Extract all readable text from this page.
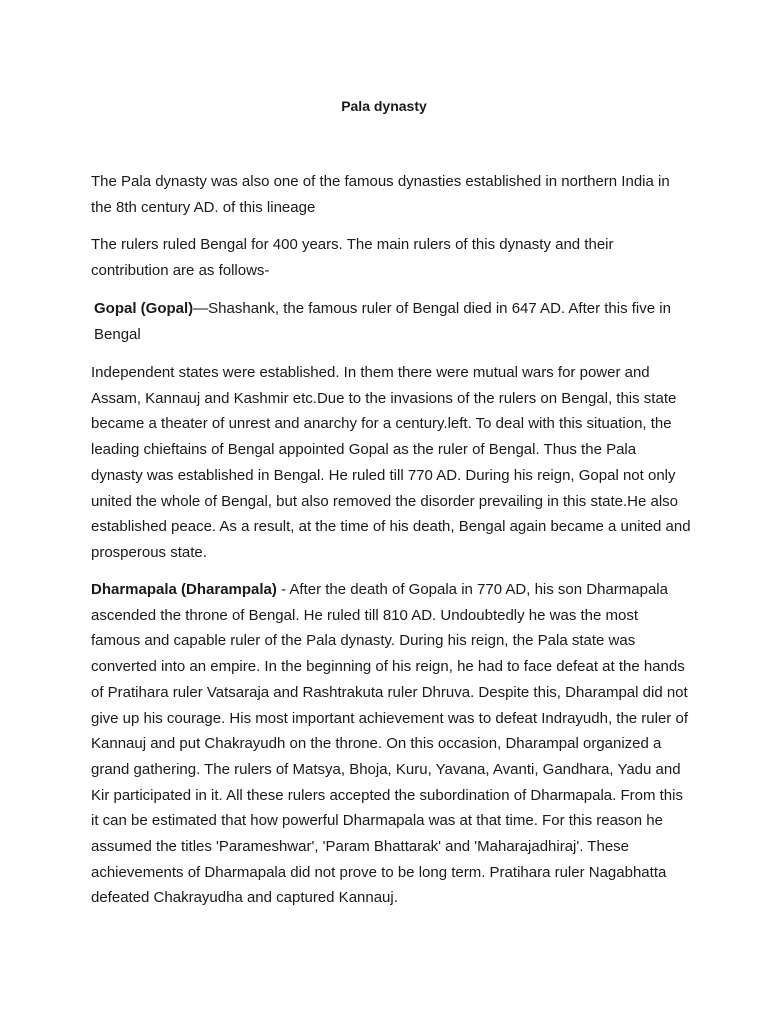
Pala dynasty

The Pala dynasty was also one of the famous dynasties established in northern India in the 8th century AD. of this lineage

The rulers ruled Bengal for 400 years. The main rulers of this dynasty and their contribution are as follows-

Gopal (Gopal)—Shashank, the famous ruler of Bengal died in 647 AD. After this five in Bengal

Independent states were established. In them there were mutual wars for power and Assam, Kannauj and Kashmir etc.Due to the invasions of the rulers on Bengal, this state became a theater of unrest and anarchy for a century.left. To deal with this situation, the leading chieftains of Bengal appointed Gopal as the ruler of Bengal. Thus the Pala dynasty was established in Bengal. He ruled till 770 AD. During his reign, Gopal not only united the whole of Bengal, but also removed the disorder prevailing in this state.He also established peace. As a result, at the time of his death, Bengal again became a united and prosperous state.

Dharmapala (Dharampala) - After the death of Gopala in 770 AD, his son Dharmapala ascended the throne of Bengal. He ruled till 810 AD. Undoubtedly he was the most famous and capable ruler of the Pala dynasty. During his reign, the Pala state was converted into an empire. In the beginning of his reign, he had to face defeat at the hands of Pratihara ruler Vatsaraja and Rashtrakuta ruler Dhruva. Despite this, Dharampal did not give up his courage. His most important achievement was to defeat Indrayudh, the ruler of Kannauj and put Chakrayudh on the throne. On this occasion, Dharampal organized a grand gathering. The rulers of Matsya, Bhoja, Kuru, Yavana, Avanti, Gandhara, Yadu and Kir participated in it. All these rulers accepted the subordination of Dharmapala. From this it can be estimated that how powerful Dharmapala was at that time. For this reason he assumed the titles 'Parameshwar', 'Param Bhattarak' and 'Maharajadhiraj'. These achievements of Dharmapala did not prove to be long term. Pratihara ruler Nagabhatta defeated Chakrayudha and captured Kannauj.
